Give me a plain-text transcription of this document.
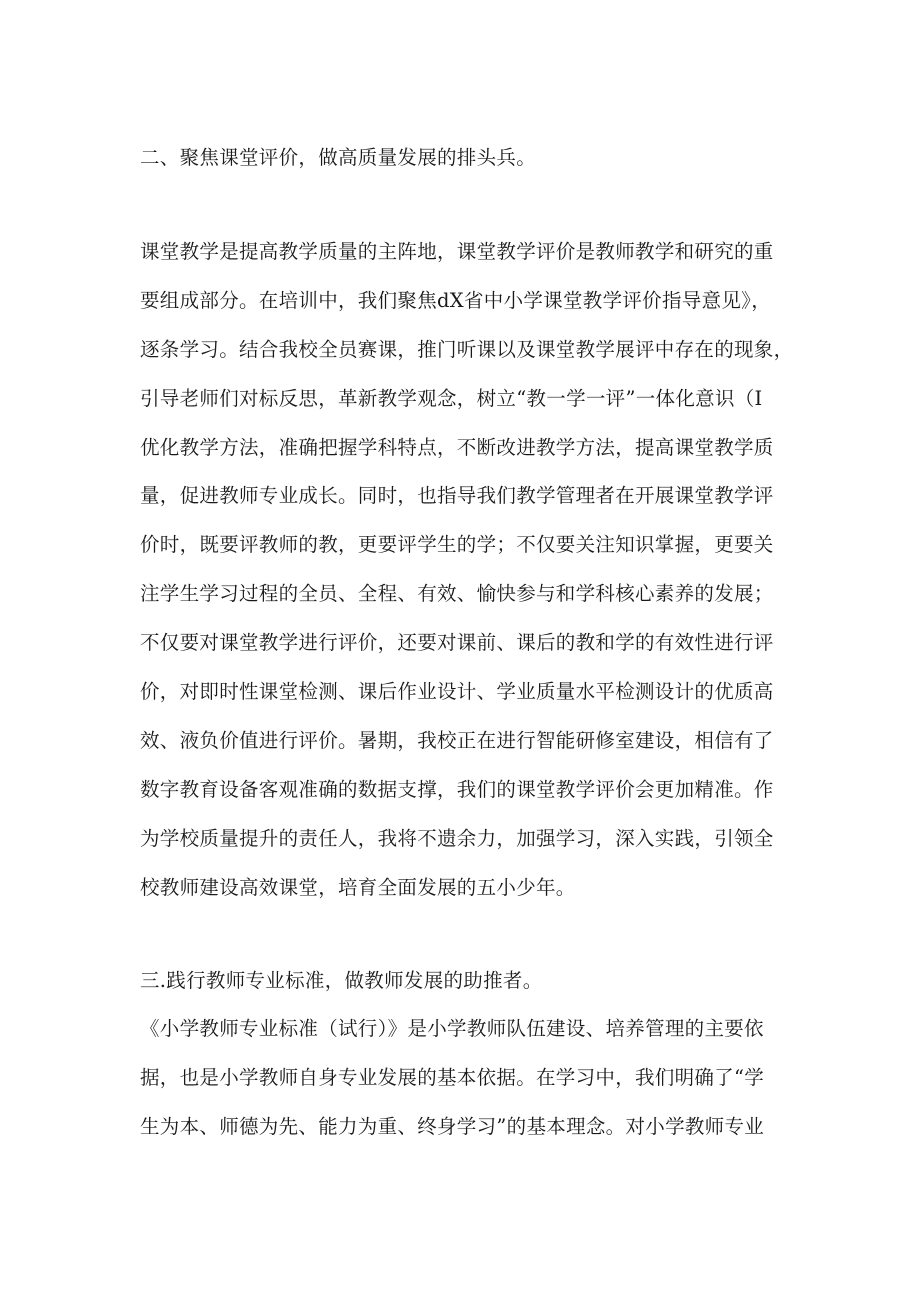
二、聚焦课堂评价，做高质量发展的排头兵。
课堂教学是提高教学质量的主阵地，课堂教学评价是教师教学和研究的重
要组成部分。在培训中，我们聚焦dX省中小学课堂教学评价指导意见》，
逐条学习。结合我校全员赛课，推门听课以及课堂教学展评中存在的现象，
引导老师们对标反思，革新教学观念，树立“教一学一评”一体化意识（I
优化教学方法，准确把握学科特点，不断改进教学方法，提高课堂教学质
量，促进教师专业成长。同时，也指导我们教学管理者在开展课堂教学评
价时，既要评教师的教，更要评学生的学；不仅要关注知识掌握，更要关
注学生学习过程的全员、全程、有效、愉快参与和学科核心素养的发展；
不仅要对课堂教学进行评价，还要对课前、课后的教和学的有效性进行评
价，对即时性课堂检测、课后作业设计、学业质量水平检测设计的优质高
效、液负价值进行评价。暑期，我校正在进行智能研修室建设，相信有了
数字教育设备客观准确的数据支撑，我们的课堂教学评价会更加精准。作
为学校质量提升的责任人，我将不遗余力，加强学习，深入实践，引领全
校教师建设高效课堂，培育全面发展的五小少年。
三.践行教师专业标准，做教师发展的助推者。
《小学教师专业标准（试行）》是小学教师队伍建设、培养管理的主要依
据，也是小学教师自身专业发展的基本依据。在学习中，我们明确了“学
生为本、师德为先、能力为重、终身学习”的基本理念。对小学教师专业
